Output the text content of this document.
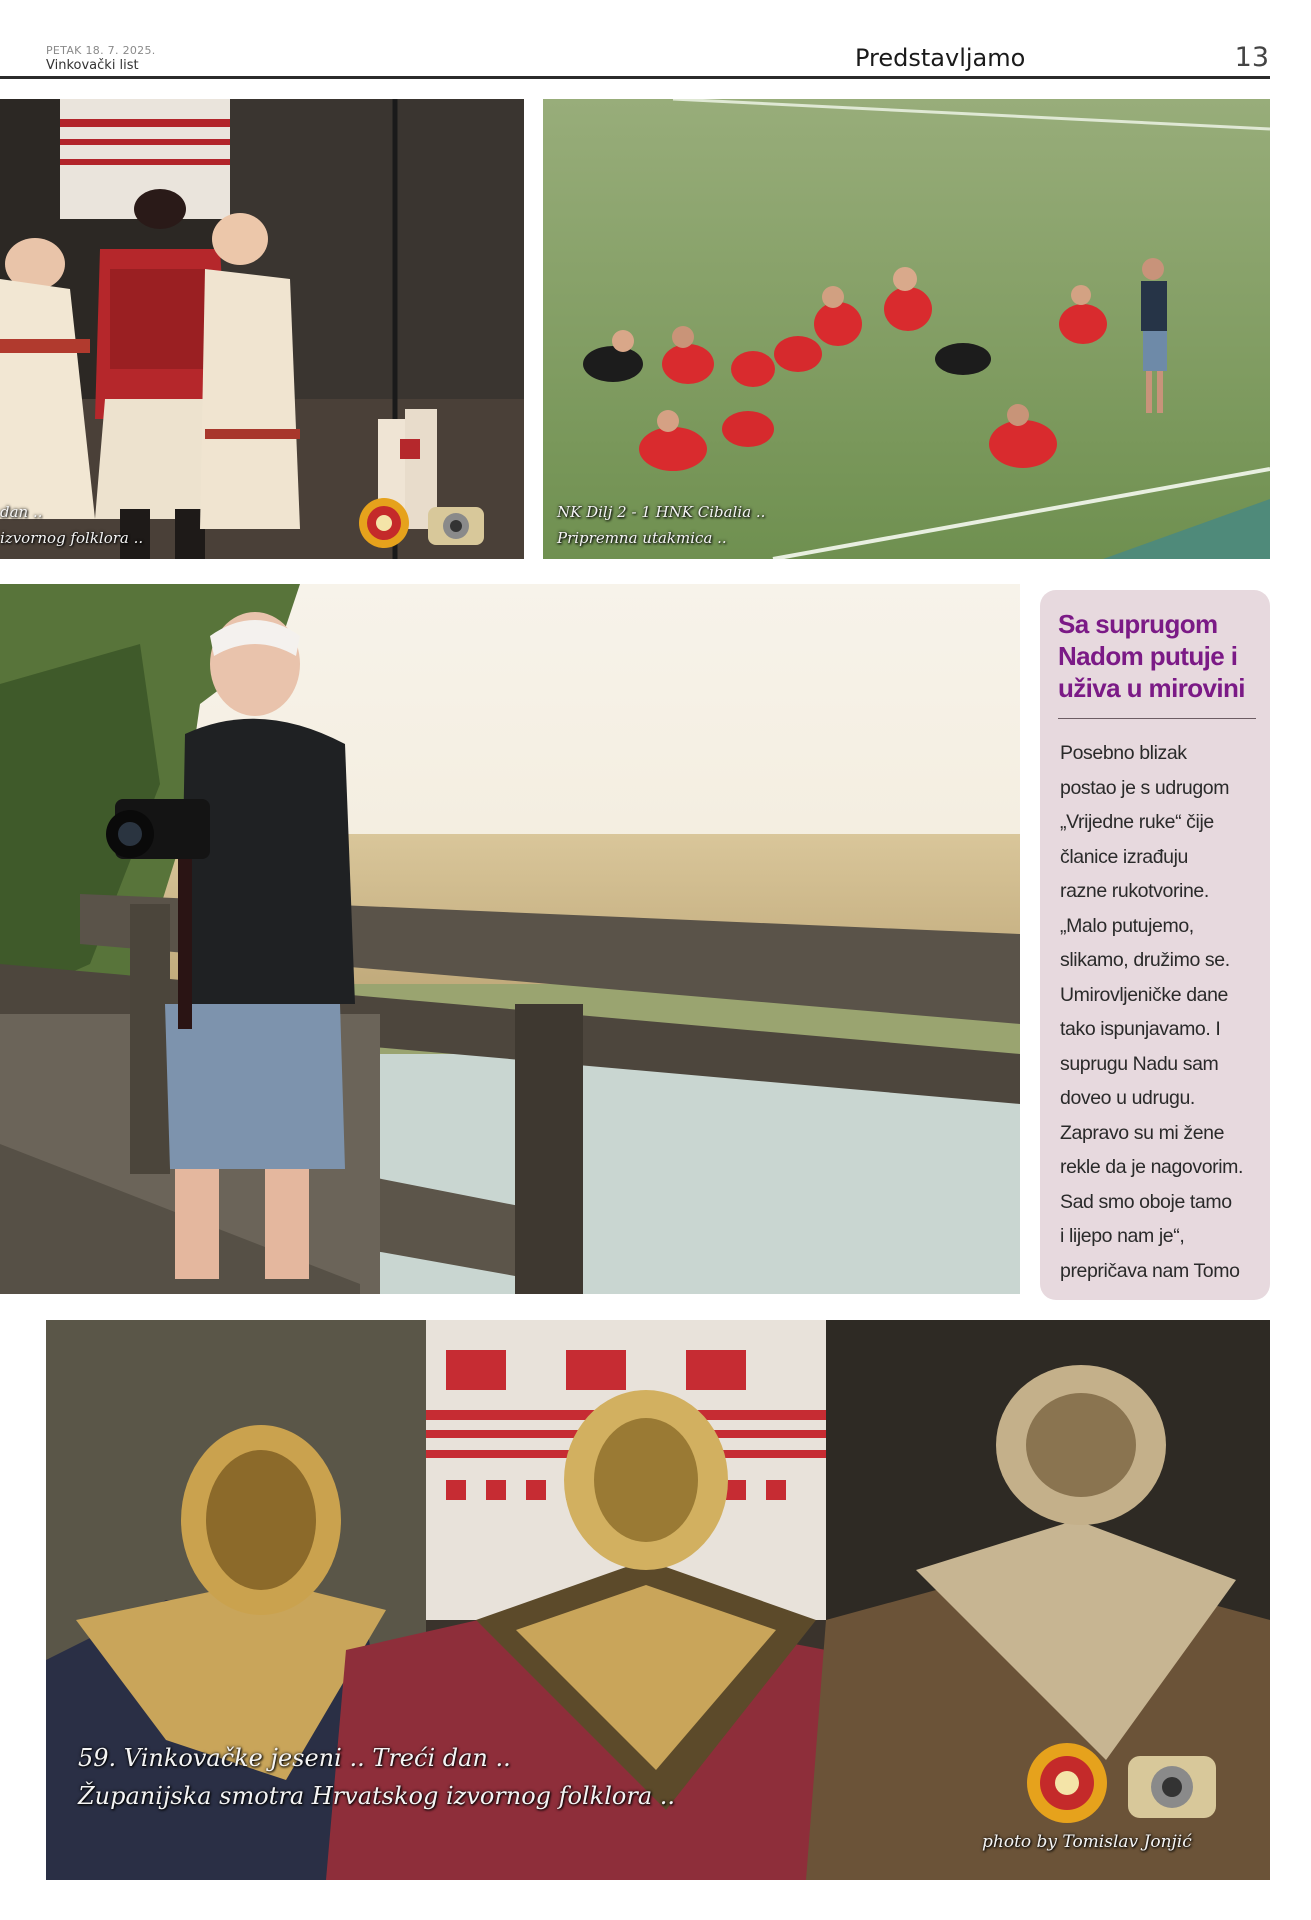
PETAK 18. 7. 2025.
Vinkovački list	Predstavljamo	13
dan ..
izvornog folklora ..
NK Dilj 2 - 1 HNK Cibalia ..
Pripremna utakmica ..
Sa suprugom
Nadom putuje i
uživa u mirovini
Posebno blizak
postao je s udrugom
„Vrijedne ruke“ čije
članice izrađuju
razne rukotvorine.
„Malo putujemo,
slikamo, družimo se.
Umirovljeničke dane
tako ispunjavamo. I
suprugu Nadu sam
doveo u udrugu.
Zapravo su mi žene
rekle da je nagovorim.
Sad smo oboje tamo
i lijepo nam je“,
prepričava nam Tomo
59. Vinkovačke jeseni .. Treći dan ..
Županijska smotra Hrvatskog izvornog folklora ..
photo by Tomislav Jonjić
